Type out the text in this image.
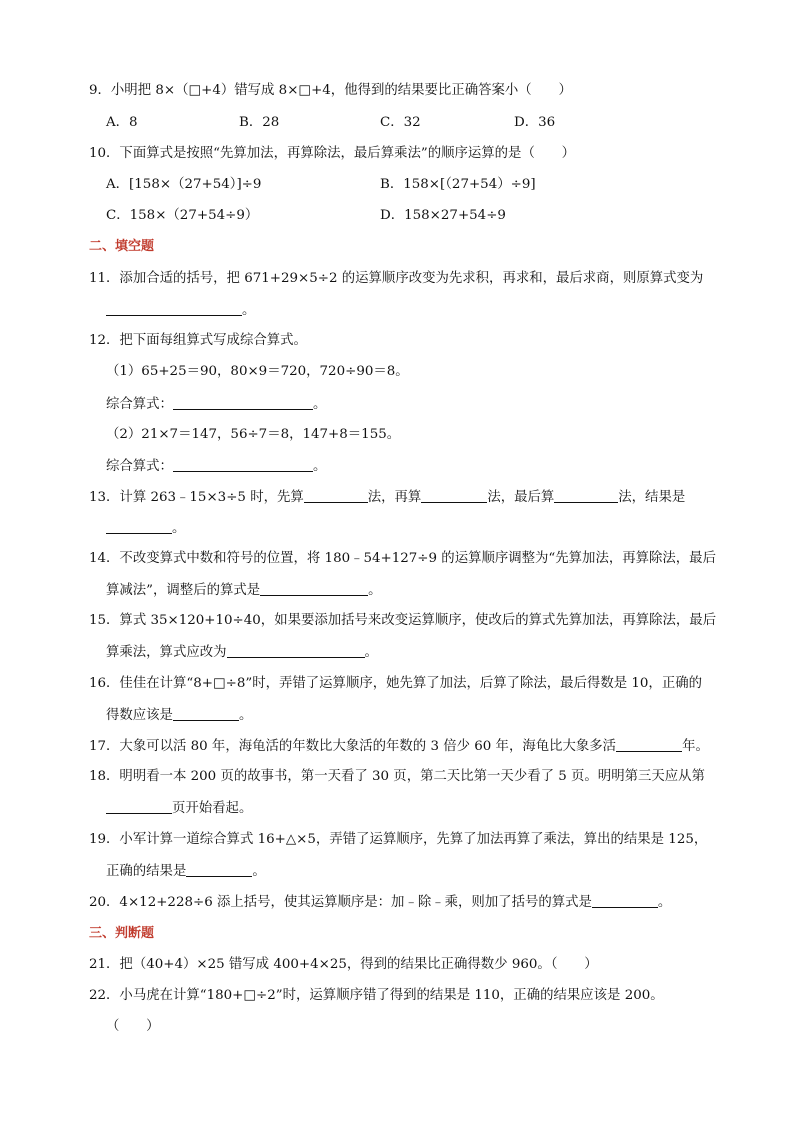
9．小明把 8×（□+4）错写成 8×□+4，他得到的结果要比正确答案小（　　）
A．8	B．28	C．32	D．36
10．下面算式是按照“先算加法，再算除法，最后算乘法”的顺序运算的是（　　）
A．[158×（27+54）]÷9	B．158×[（27+54）÷9]
C．158×（27+54÷9）	D．158×27+54÷9
二、填空题
11．添加合适的括号，把 671+29×5÷2 的运算顺序改变为先求积，再求和，最后求商，则原算式变为
。
12．把下面每组算式写成综合算式。
（1）65+25＝90，80×9＝720，720÷90＝8。
综合算式：	。
（2）21×7＝147，56÷7＝8，147+8＝155。
综合算式：	。
13．计算 263﹣15×3÷5 时，先算	法，再算	法，最后算	法，结果是
。
14．不改变算式中数和符号的位置，将 180﹣54+127÷9 的运算顺序调整为“先算加法，再算除法，最后
算减法”，调整后的算式是	。
15．算式 35×120+10÷40，如果要添加括号来改变运算顺序，使改后的算式先算加法，再算除法，最后
算乘法，算式应改为	。
16．佳佳在计算“8+□÷8”时，弄错了运算顺序，她先算了加法，后算了除法，最后得数是 10，正确的
得数应该是	。
17．大象可以活 80 年，海龟活的年数比大象活的年数的 3 倍少 60 年，海龟比大象多活	年。
18．明明看一本 200 页的故事书，第一天看了 30 页，第二天比第一天少看了 5 页。明明第三天应从第
页开始看起。
19．小军计算一道综合算式 16+△×5，弄错了运算顺序，先算了加法再算了乘法，算出的结果是 125，
正确的结果是	。
20．4×12+228÷6 添上括号，使其运算顺序是：加﹣除﹣乘，则加了括号的算式是	。
三、判断题
21．把（40+4）×25 错写成 400+4×25，得到的结果比正确得数少 960。（　　）
22．小马虎在计算“180+□÷2”时，运算顺序错了得到的结果是 110，正确的结果应该是 200。
（　　）
